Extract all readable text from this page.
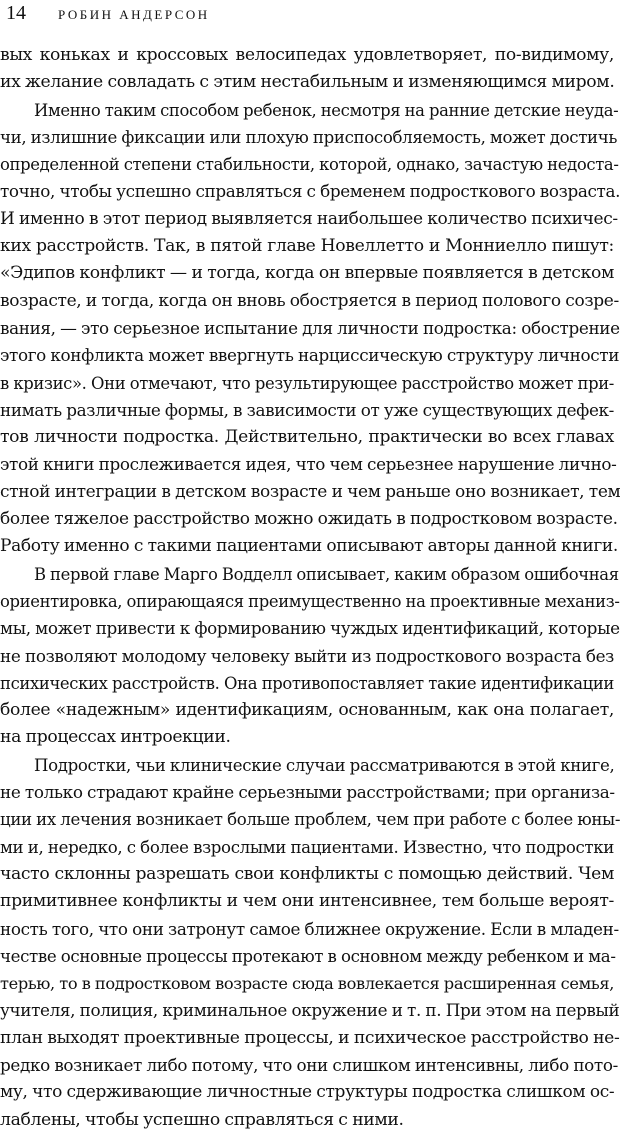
14 РОБИН АНДЕРСОН
вых коньках и кроссовых велосипедах удовлетворяет, по-видимому,
их желание совладать с этим нестабильным и изменяющимся миром.
Именно таким способом ребенок, несмотря на ранние детские неуда-
чи, излишние фиксации или плохую приспособляемость, может достичь
определенной степени стабильности, которой, однако, зачастую недоста-
точно, чтобы успешно справляться с бременем подросткового возраста.
И именно в этот период выявляется наибольшее количество психичес-
ких расстройств. Так, в пятой главе Новеллетто и Монниелло пишут:
«Эдипов конфликт — и тогда, когда он впервые появляется в детском
возрасте, и тогда, когда он вновь обостряется в период полового созре-
вания, — это серьезное испытание для личности подростка: обострение
этого конфликта может ввергнуть нарциссическую структуру личности
в кризис». Они отмечают, что результирующее расстройство может при-
нимать различные формы, в зависимости от уже существующих дефек-
тов личности подростка. Действительно, практически во всех главах
этой книги прослеживается идея, что чем серьезнее нарушение лично-
стной интеграции в детском возрасте и чем раньше оно возникает, тем
более тяжелое расстройство можно ожидать в подростковом возрасте.
Работу именно с такими пациентами описывают авторы данной книги.
В первой главе Марго Водделл описывает, каким образом ошибочная
ориентировка, опирающаяся преимущественно на проективные механиз-
мы, может привести к формированию чуждых идентификаций, которые
не позволяют молодому человеку выйти из подросткового возраста без
психических расстройств. Она противопоставляет такие идентификации
более «надежным» идентификациям, основанным, как она полагает,
на процессах интроекции.
Подростки, чьи клинические случаи рассматриваются в этой книге,
не только страдают крайне серьезными расстройствами; при организа-
ции их лечения возникает больше проблем, чем при работе с более юны-
ми и, нередко, с более взрослыми пациентами. Известно, что подростки
часто склонны разрешать свои конфликты с помощью действий. Чем
примитивнее конфликты и чем они интенсивнее, тем больше вероят-
ность того, что они затронут самое ближнее окружение. Если в младен-
честве основные процессы протекают в основном между ребенком и ма-
терью, то в подростковом возрасте сюда вовлекается расширенная семья,
учителя, полиция, криминальное окружение и т. п. При этом на первый
план выходят проективные процессы, и психическое расстройство не-
редко возникает либо потому, что они слишком интенсивны, либо пото-
му, что сдерживающие личностные структуры подростка слишком ос-
лаблены, чтобы успешно справляться с ними.
